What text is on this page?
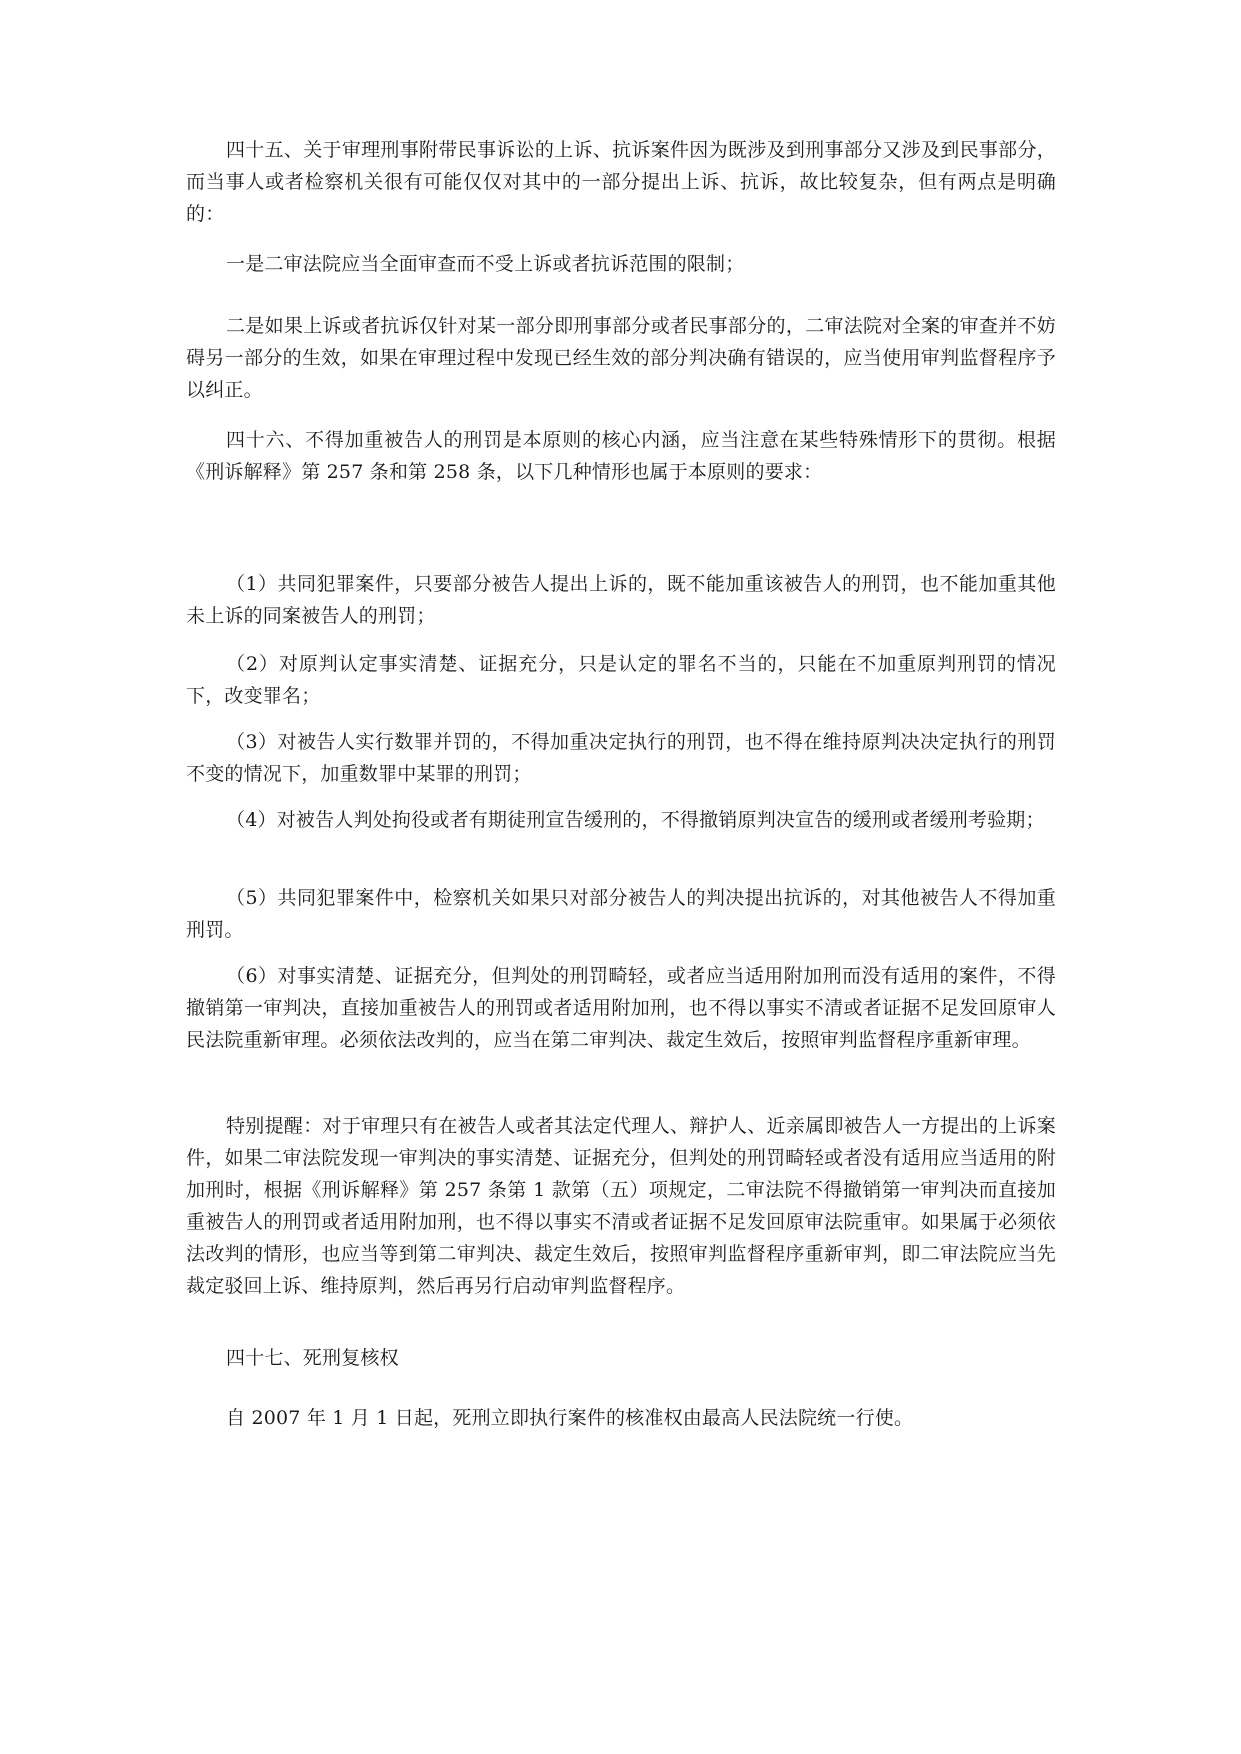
四十五、关于审理刑事附带民事诉讼的上诉、抗诉案件因为既涉及到刑事部分又涉及到民事部分，而当事人或者检察机关很有可能仅仅对其中的一部分提出上诉、抗诉，故比较复杂，但有两点是明确的：

一是二审法院应当全面审查而不受上诉或者抗诉范围的限制；

二是如果上诉或者抗诉仅针对某一部分即刑事部分或者民事部分的，二审法院对全案的审查并不妨碍另一部分的生效，如果在审理过程中发现已经生效的部分判决确有错误的，应当使用审判监督程序予以纠正。

四十六、不得加重被告人的刑罚是本原则的核心内涵，应当注意在某些特殊情形下的贯彻。根据《刑诉解释》第 257 条和第 258 条，以下几种情形也属于本原则的要求：

（1）共同犯罪案件，只要部分被告人提出上诉的，既不能加重该被告人的刑罚，也不能加重其他未上诉的同案被告人的刑罚；

（2）对原判认定事实清楚、证据充分，只是认定的罪名不当的，只能在不加重原判刑罚的情况下，改变罪名；

（3）对被告人实行数罪并罚的，不得加重决定执行的刑罚，也不得在维持原判决决定执行的刑罚不变的情况下，加重数罪中某罪的刑罚；

（4）对被告人判处拘役或者有期徒刑宣告缓刑的，不得撤销原判决宣告的缓刑或者缓刑考验期；

（5）共同犯罪案件中，检察机关如果只对部分被告人的判决提出抗诉的，对其他被告人不得加重刑罚。

（6）对事实清楚、证据充分，但判处的刑罚畸轻，或者应当适用附加刑而没有适用的案件，不得撤销第一审判决，直接加重被告人的刑罚或者适用附加刑，也不得以事实不清或者证据不足发回原审人民法院重新审理。必须依法改判的，应当在第二审判决、裁定生效后，按照审判监督程序重新审理。

特别提醒：对于审理只有在被告人或者其法定代理人、辩护人、近亲属即被告人一方提出的上诉案件，如果二审法院发现一审判决的事实清楚、证据充分，但判处的刑罚畸轻或者没有适用应当适用的附加刑时，根据《刑诉解释》第 257 条第 1 款第（五）项规定，二审法院不得撤销第一审判决而直接加重被告人的刑罚或者适用附加刑，也不得以事实不清或者证据不足发回原审法院重审。如果属于必须依法改判的情形，也应当等到第二审判决、裁定生效后，按照审判监督程序重新审判，即二审法院应当先裁定驳回上诉、维持原判，然后再另行启动审判监督程序。

四十七、死刑复核权

自 2007 年 1 月 1 日起，死刑立即执行案件的核准权由最高人民法院统一行使。
